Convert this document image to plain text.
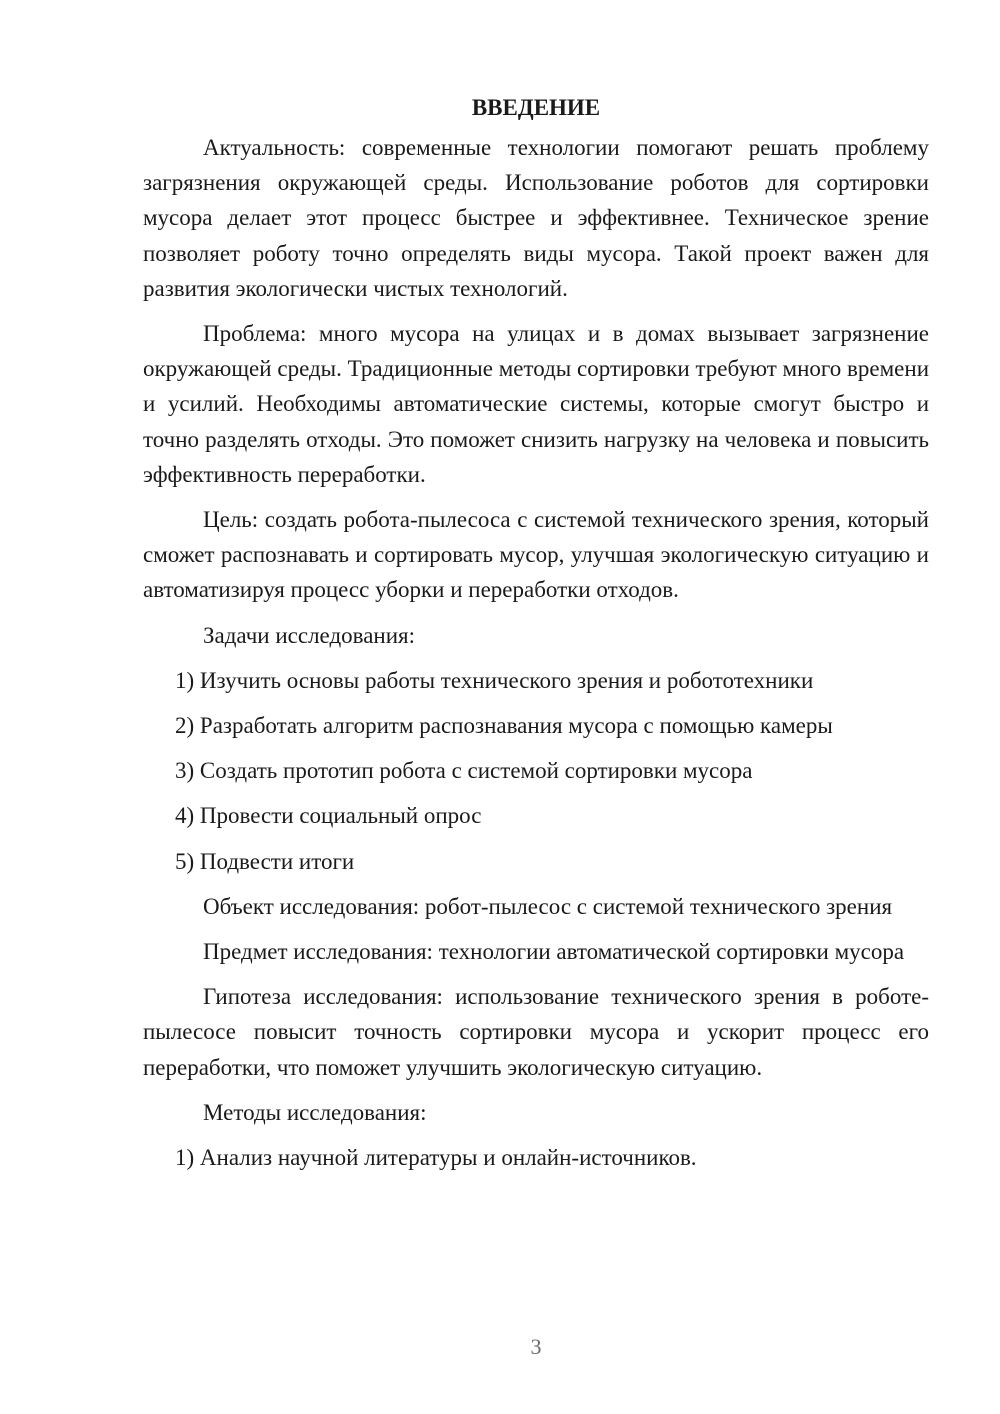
ВВЕДЕНИЕ

Актуальность: современные технологии помогают решать проблему загрязнения окружающей среды. Использование роботов для сортировки мусора делает этот процесс быстрее и эффективнее. Техническое зрение позволяет роботу точно определять виды мусора. Такой проект важен для развития экологически чистых технологий.

Проблема: много мусора на улицах и в домах вызывает загрязнение окружающей среды. Традиционные методы сортировки требуют много времени и усилий. Необходимы автоматические системы, которые смогут быстро и точно разделять отходы. Это поможет снизить нагрузку на человека и повысить эффективность переработки.

Цель: создать робота-пылесоса с системой технического зрения, который сможет распознавать и сортировать мусор, улучшая экологическую ситуацию и автоматизируя процесс уборки и переработки отходов.

Задачи исследования:

1) Изучить основы работы технического зрения и робототехники
2) Разработать алгоритм распознавания мусора с помощью камеры
3) Создать прототип робота с системой сортировки мусора
4) Провести социальный опрос
5) Подвести итоги

Объект исследования: робот-пылесос с системой технического зрения

Предмет исследования: технологии автоматической сортировки мусора

Гипотеза исследования: использование технического зрения в роботе-пылесосе повысит точность сортировки мусора и ускорит процесс его переработки, что поможет улучшить экологическую ситуацию.

Методы исследования:

1) Анализ научной литературы и онлайн-источников.
3
